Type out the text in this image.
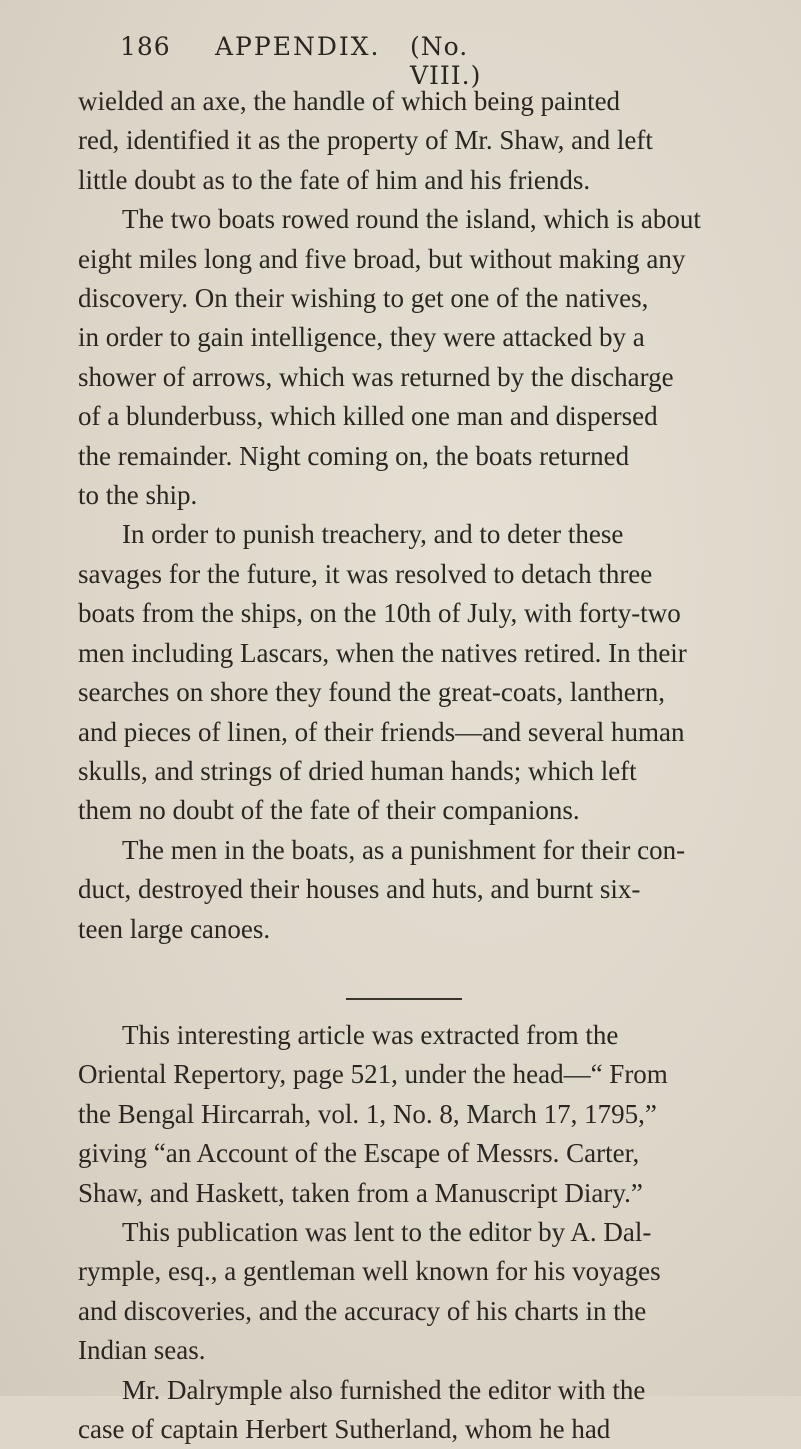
186 APPENDIX. (No. VIII.)
wielded an axe, the handle of which being painted
red, identified it as the property of Mr. Shaw, and left
little doubt as to the fate of him and his friends.
The two boats rowed round the island, which is about
eight miles long and five broad, but without making any
discovery. On their wishing to get one of the natives,
in order to gain intelligence, they were attacked by a
shower of arrows, which was returned by the discharge
of a blunderbuss, which killed one man and dispersed
the remainder. Night coming on, the boats returned
to the ship.
In order to punish treachery, and to deter these
savages for the future, it was resolved to detach three
boats from the ships, on the 10th of July, with forty-two
men including Lascars, when the natives retired. In their
searches on shore they found the great-coats, lanthern,
and pieces of linen, of their friends—and several human
skulls, and strings of dried human hands; which left
them no doubt of the fate of their companions.
The men in the boats, as a punishment for their con-
duct, destroyed their houses and huts, and burnt six-
teen large canoes.
This interesting article was extracted from the
Oriental Repertory, page 521, under the head—“ From
the Bengal Hircarrah, vol. 1, No. 8, March 17, 1795,”
giving “an Account of the Escape of Messrs. Carter,
Shaw, and Haskett, taken from a Manuscript Diary.”
This publication was lent to the editor by A. Dal-
rymple, esq., a gentleman well known for his voyages
and discoveries, and the accuracy of his charts in the
Indian seas.
Mr. Dalrymple also furnished the editor with the
case of captain Herbert Sutherland, whom he had
